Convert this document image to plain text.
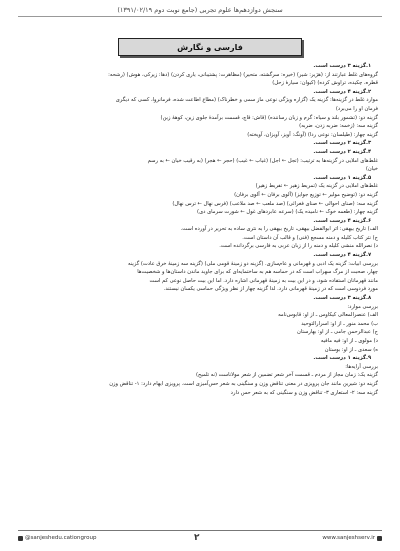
سنجش دوازدهم‌ها علوم تجربی (جامع نوبت دوم ۱۳۹۱/۰۲/۱۹)
فارسی و نگارش
۱.گزینه ۳ درست است.
گروه‌های غلط عبارتند از: (هژیر: شیر) (خیره: سرگشته، متحیر) (مظاهرت: پشتیبانی، یاری کردن) (دها: زیرکی، هوش) (رشحه:
قطره، چکیده، تراوش کرده) (کیوان: سیارهٔ زحل)
۲.گزینه ۴ درست است.
موارد غلط در گزینه‌ها: گزینه یک (گزاره ویژگی نوعی ماز سمی و خطرناک) (مطاع اطاعت شده، فرمانروا، کسی که دیگری
فرمان او را می‌برد)
گزینه دو: (تشمور بلند و سیاه: گرم و زبان رساننده) (قاش: قاچ، قسمت برآمدهٔ جلوی زین، کوههٔ زین)
گزینه سه: (زخمه: ضربه زدن، ضربه)
گزینه چهار: (طیلسان: نوعی ردا) (آونگ: آویز، آویزان، آویخته)
۳.گزینه ۲ درست است.
۴.گزینه ۲ درست است.
غلط‌های املایی در گزینه‌ها به ترتیب: (تجل ← اجل) (غیاب ← غیب) (حجر ← هجر) (به رقیب خیان ← به رسم
خیان)
۵.گزینه ۱ درست است.
غلط‌های املایی در گزینه یک (تمریط زهیر ← تفریط زهیر)
گزینه دو: (توضیح مولیر ← توزیع جوایز) (آلوی برفان ← آلوی برفان)
گزینه سه: (صنای احوالی ← صنای فغرائی) (صد ملعب ← صد ملاعب) (فرس نهال ← ترس نهال)
گزینه چهار: (طعمه خوک ← نامیده یک) (سرعه عابردهای غول ← شورت سرمای دی)
۶.گزینه ۴ درست است.
الف) تاریخ بیهقی: اثر ابوالفضل بیهقی، تاریخ بیهقی را به نثری ساده به تحریر در آورده است.
ج) نثر کتاب کلیله و دمنه مسجع (فنی) و قالب آن داستان است.
د) نصرالله منشی کلیله و دمنه را از زبان عربی به فارسی برگردانده است.
۷.گزینه ۴ درست است.
بررسی ابیات: گزینه یک ادبی و قهرمانی و عام‌سازی. (گزینه دو زمینهٔ قومی ملی) (گزینه سه زمینهٔ خرق عادت) گزینه
چهار، صحبت از مرگ سهراب است که در حماسه هم به ساختمایه‌ای که برای جاوید ماندن داستان‌ها و شخصیت‌ها
مانند قهرمانان استفاده شود، و در این بیت به زمینهٔ قهرمانی اشاره دارد. اما این بیت حاصل نوعی کم است
مورد فردوسی است که در زمینهٔ قهرمانی دارد. لذا گزینه چهار از نظر ویژگی حماسی یکسان نیستند.
۸.گزینه ۳ درست است.
بررسی موارد:
الف) عنصرالمعالی کیکاوس ـ از او: قابوس‌نامه
ب) محمد منور ـ از او: اسرارالتوحید
ج) عبدالرحمن جامی ـ از او: بهارستان
د) مولوی ـ از او: فیه مافیه
ه) سعدی ـ از او: بوستان
۹.گزینه ۱ درست است.
بررسی آرایه‌ها:
گزینه یک: زمان مجاز از مردم ـ قسمت آخر شعر تضمین از شعر مولاناست (نه تلمیح)
گزینه دو: شیرین مانند جان پرویزی در معنی تناقض وزن و سنگینی به شعر حس‌آمیزی است. پرویزی ایهام دارد: ۱- تناقض وزن
گزینه سه: ۲- استعاری ۳- تناقض وزن و سنگینی که به شعر حس دارد
@sanjeshedu.cationgroup	۲	www.sanjeshserv.ir
